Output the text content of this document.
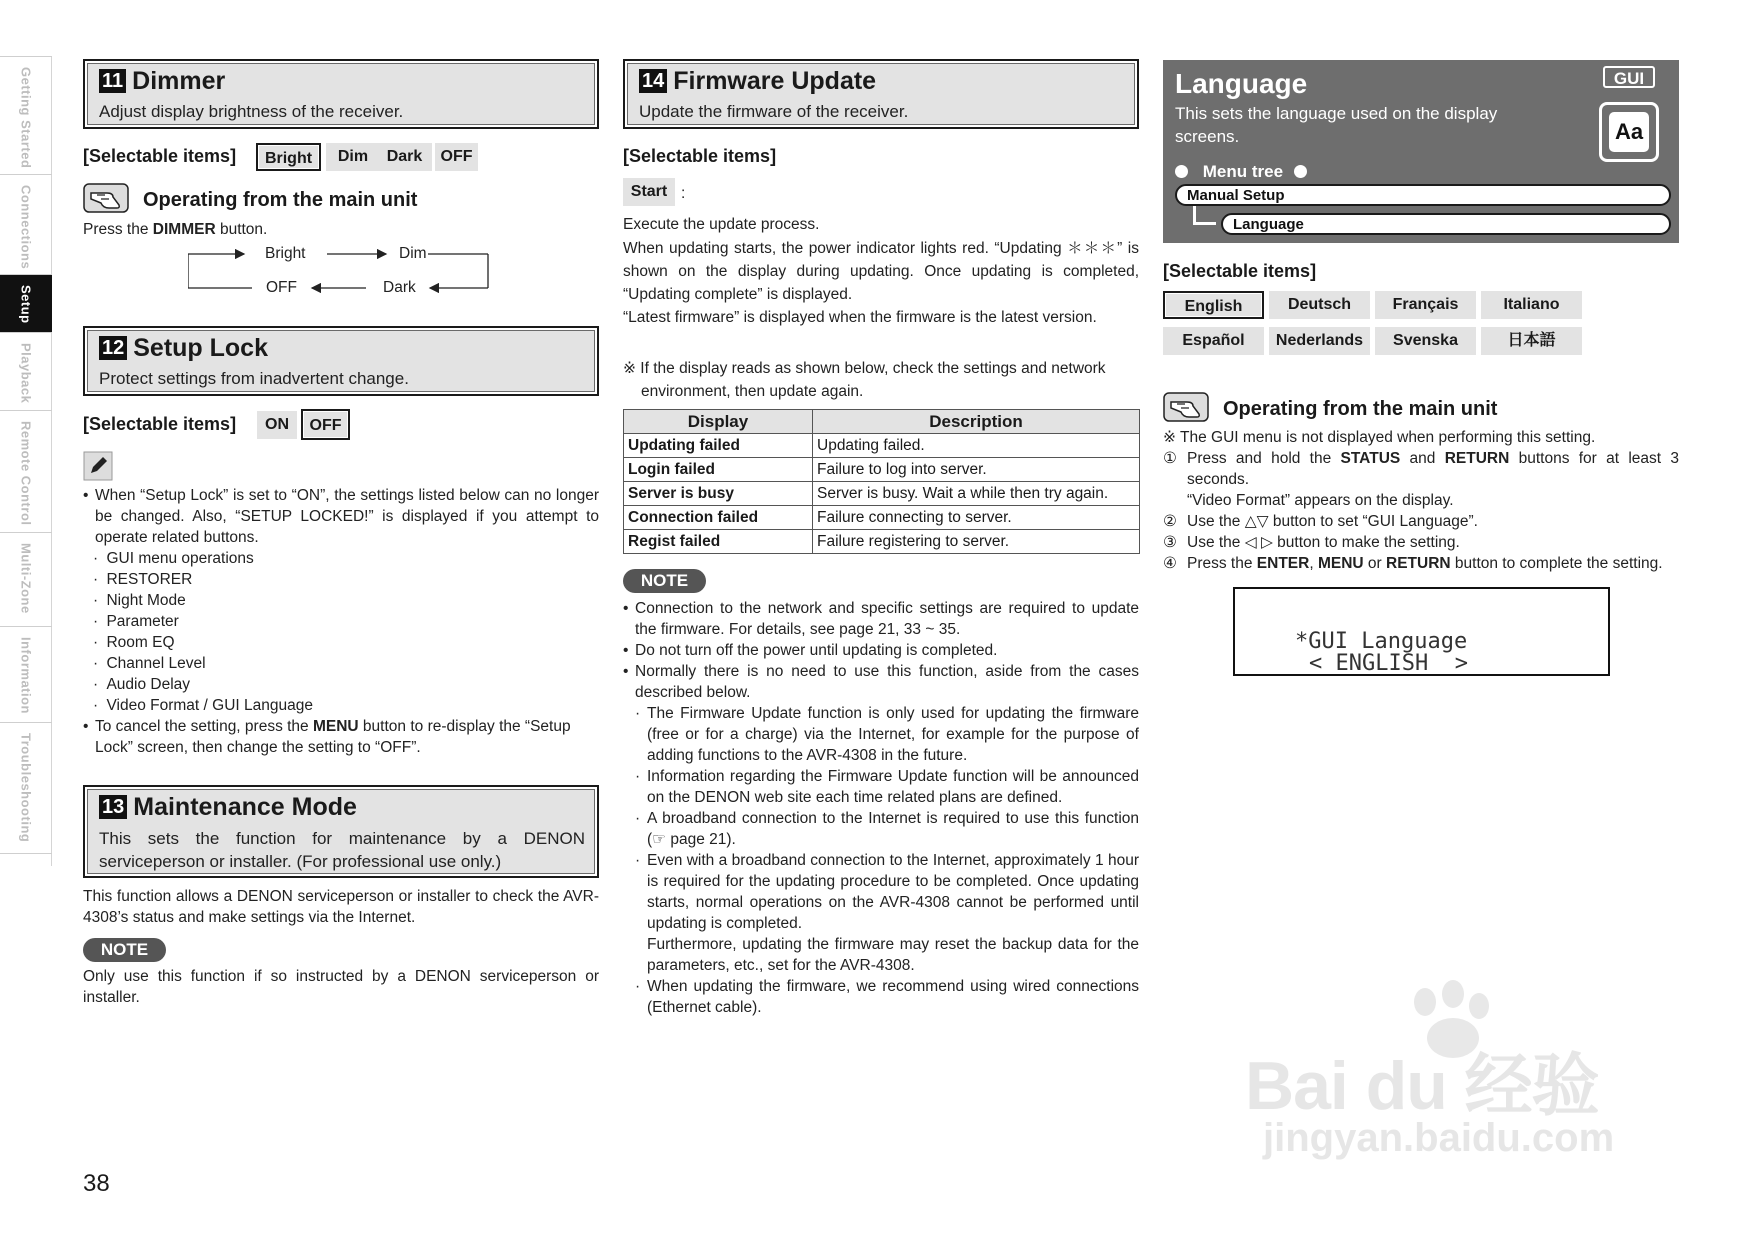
Getting Started
Connections
Setup
Playback
Remote Control
Multi-Zone
Information
Troubleshooting
11 Dimmer
Adjust display brightness of the receiver.
[Selectable items]	Bright	Dim	Dark	OFF
Operating from the main unit
Press the DIMMER button.
Bright	Dim
Dark
OFF
12 Setup Lock
Protect settings from inadvertent change.
[Selectable items]	ON	OFF
• When “Setup Lock” is set to “ON”, the settings listed below can no longer be changed. Also, “SETUP LOCKED!” is displayed if you attempt to operate related buttons.
· GUI menu operations
· RESTORER
· Night Mode
· Parameter
· Room EQ
· Channel Level
· Audio Delay
· Video Format / GUI Language
• To cancel the setting, press the MENU button to re-display the “Setup Lock” screen, then change the setting to “OFF”.
13 Maintenance Mode
This sets the function for maintenance by a DENON serviceperson or installer. (For professional use only.)
This function allows a DENON serviceperson or installer to check the AVR-4308’s status and make settings via the Internet.
NOTE
Only use this function if so instructed by a DENON serviceperson or installer.
38
14 Firmware Update
Update the firmware of the receiver.
[Selectable items]
Start :
Execute the update process.
When updating starts, the power indicator lights red. “Updating ＊＊＊” is shown on the display during updating. Once updating is completed, “Updating complete” is displayed.
“Latest firmware” is displayed when the firmware is the latest version.
※ If the display reads as shown below, check the settings and network environment, then update again.
Display	Description
Updating failed	Updating failed.
Login failed	Failure to log into server.
Server is busy	Server is busy. Wait a while then try again.
Connection failed	Failure connecting to server.
Regist failed	Failure registering to server.
NOTE
• Connection to the network and specific settings are required to update the firmware. For details, see page 21, 33 ~ 35.
• Do not turn off the power until updating is completed.
• Normally there is no need to use this function, aside from the cases described below.
· The Firmware Update function is only used for updating the firmware (free or for a charge) via the Internet, for example for the purpose of adding functions to the AVR-4308 in the future.
· Information regarding the Firmware Update function will be announced on the DENON web site each time related plans are defined.
· A broadband connection to the Internet is required to use this function (☞ page 21).
· Even with a broadband connection to the Internet, approximately 1 hour is required for the updating procedure to be completed. Once updating starts, normal operations on the AVR-4308 cannot be performed until updating is completed.
Furthermore, updating the firmware may reset the backup data for the parameters, etc., set for the AVR-4308.
· When updating the firmware, we recommend using wired connections (Ethernet cable).
Language
This sets the language used on the display screens.
GUI
Aa
Menu tree
Manual Setup
Language
[Selectable items]
English	Deutsch	Français	Italiano
Español	Nederlands	Svenska	日本語
Operating from the main unit
※ The GUI menu is not displayed when performing this setting.
① Press and hold the STATUS and RETURN buttons for at least 3 seconds.
“Video Format” appears on the display.
② Use the △▽ button to set “GUI Language”.
③ Use the ◁ ▷ button to make the setting.
④ Press the ENTER, MENU or RETURN button to complete the setting.
*GUI Language
< ENGLISH  >
Bai du 经验
jingyan.baidu.com
